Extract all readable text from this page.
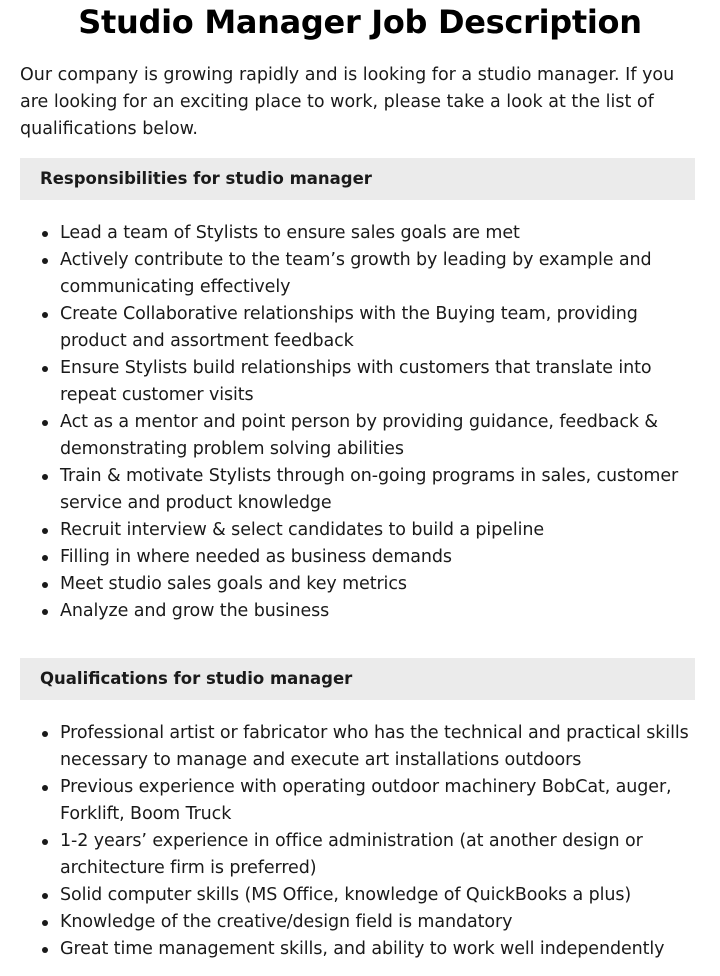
Studio Manager Job Description

Our company is growing rapidly and is looking for a studio manager. If you are looking for an exciting place to work, please take a look at the list of qualifications below.

Responsibilities for studio manager
Lead a team of Stylists to ensure sales goals are met
Actively contribute to the team’s growth by leading by example and communicating effectively
Create Collaborative relationships with the Buying team, providing product and assortment feedback
Ensure Stylists build relationships with customers that translate into repeat customer visits
Act as a mentor and point person by providing guidance, feedback & demonstrating problem solving abilities
Train & motivate Stylists through on-going programs in sales, customer service and product knowledge
Recruit interview & select candidates to build a pipeline
Filling in where needed as business demands
Meet studio sales goals and key metrics
Analyze and grow the business
Qualifications for studio manager
Professional artist or fabricator who has the technical and practical skills necessary to manage and execute art installations outdoors
Previous experience with operating outdoor machinery BobCat, auger, Forklift, Boom Truck
1-2 years’ experience in office administration (at another design or architecture firm is preferred)
Solid computer skills (MS Office, knowledge of QuickBooks a plus)
Knowledge of the creative/design field is mandatory
Great time management skills, and ability to work well independently
